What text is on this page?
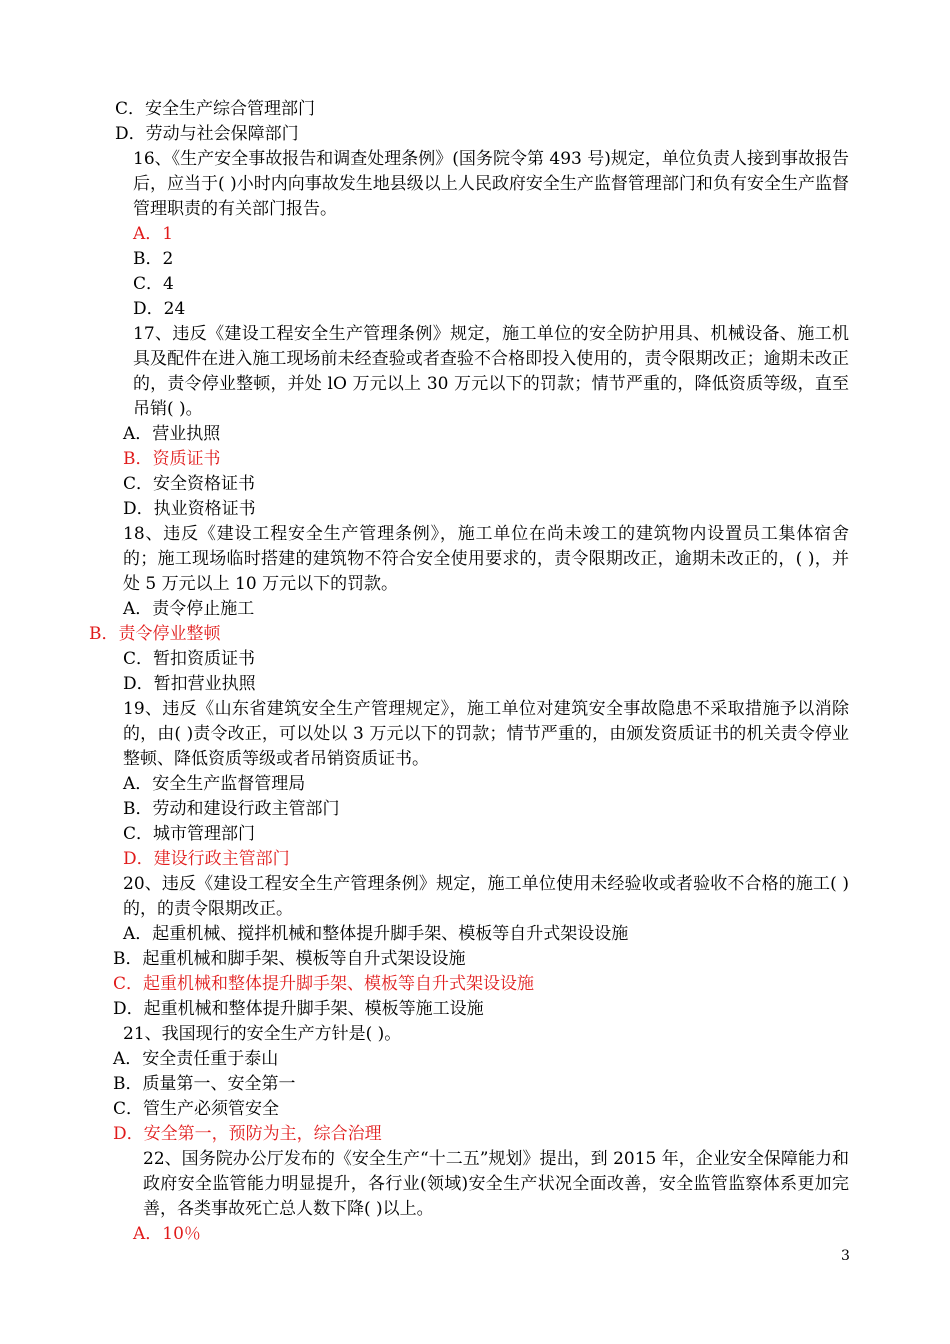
C．安全生产综合管理部门
D．劳动与社会保障部门
16、《生产安全事故报告和调查处理条例》(国务院令第 493 号)规定，单位负责人接到事故报告后，应当于( )小时内向事故发生地县级以上人民政府安全生产监督管理部门和负有安全生产监督管理职责的有关部门报告。
A．1
B．2
C．4
D．24
17、违反《建设工程安全生产管理条例》规定，施工单位的安全防护用具、机械设备、施工机具及配件在进入施工现场前未经查验或者查验不合格即投入使用的，责令限期改正；逾期未改正的，责令停业整顿，并处 lO 万元以上 30 万元以下的罚款；情节严重的，降低资质等级，直至吊销( )。
A．营业执照
B．资质证书
C．安全资格证书
D．执业资格证书
18、违反《建设工程安全生产管理条例》，施工单位在尚未竣工的建筑物内设置员工集体宿舍的；施工现场临时搭建的建筑物不符合安全使用要求的，责令限期改正，逾期未改正的，( )，并处 5 万元以上 10 万元以下的罚款。
A．责令停止施工
B．责令停业整顿
C．暂扣资质证书
D．暂扣营业执照
19、违反《山东省建筑安全生产管理规定》，施工单位对建筑安全事故隐患不采取措施予以消除的，由( )责令改正，可以处以 3 万元以下的罚款；情节严重的，由颁发资质证书的机关责令停业整顿、降低资质等级或者吊销资质证书。
A．安全生产监督管理局
B．劳动和建设行政主管部门
C．城市管理部门
D．建设行政主管部门
20、违反《建设工程安全生产管理条例》规定，施工单位使用未经验收或者验收不合格的施工( )的，的责令限期改正。
A．起重机械、搅拌机械和整体提升脚手架、模板等自升式架设设施
B．起重机械和脚手架、模板等自升式架设设施
C．起重机械和整体提升脚手架、模板等自升式架设设施
D．起重机械和整体提升脚手架、模板等施工设施
21、我国现行的安全生产方针是( )。
A．安全责任重于泰山
B．质量第一、安全第一
C．管生产必须管安全
D．安全第一，预防为主，综合治理
22、国务院办公厅发布的《安全生产“十二五”规划》提出，到 2015 年，企业安全保障能力和政府安全监管能力明显提升，各行业(领域)安全生产状况全面改善，安全监管监察体系更加完善，各类事故死亡总人数下降( )以上。
A．10％
3
